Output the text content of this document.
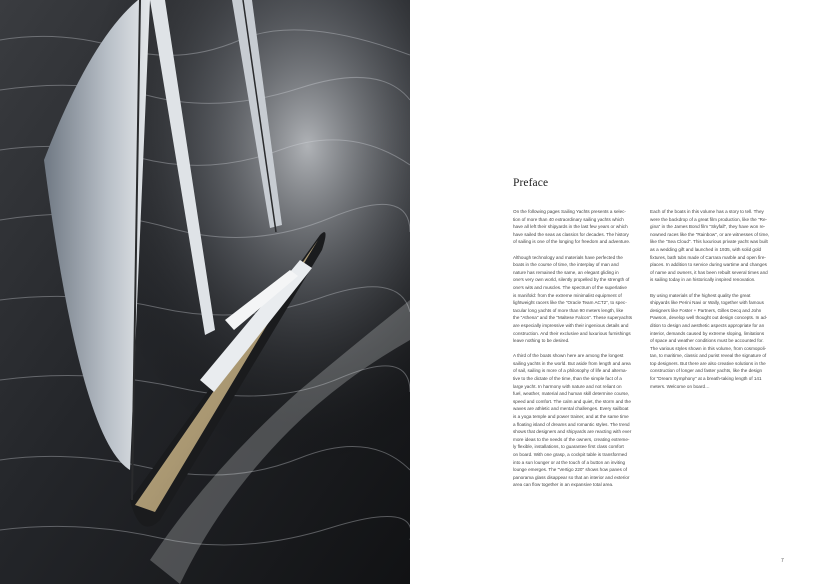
Preface
On the following pages Sailing Yachts presents a selec-
tion of more than 40 extraordinary sailing yachts which
have all left their shipyards in the last few years or which
have sailed the seas as classics for decades. The history
of sailing is one of the longing for freedom and adventure.
Although technology and materials have perfected the
boats in the course of time, the interplay of man and
nature has remained the same, an elegant gliding in
one's very own world, silently propelled by the strength of
one's wits and muscles. The spectrum of the superlative
is manifold: from the extreme minimalist equipment of
lightweight racers like the "Oracle Team ACT2", to spec-
tacular long yachts of more than 90 meters length, like
the "Athena" and the "Maltese Falcon". These superyachts
are especially impressive with their ingenious details and
construction. And their exclusive and luxurious furnishings
leave nothing to be desired.
A third of the boats shown here are among the longest
sailing yachts in the world. But aside from length and area
of sail, sailing is more of a philosophy of life and alterna-
tive to the dictate of the time, than the simple fact of a
large yacht. In harmony with nature and not reliant on
fuel, weather, material and human skill determine course,
speed and comfort. The calm and quiet, the storm and the
waves are athletic and mental challenges. Every sailboat
is a yoga temple and power trainer, and at the same time
a floating island of dreams and romantic styles. The trend
shows that designers and shipyards are reacting with ever
more ideas to the needs of the owners, creating extreme-
ly flexible, installations, to guarantee first class comfort
on board. With one grasp, a cockpit table is transformed
into a sun lounger or at the touch of a button an inviting
lounge emerges. The "Vertigo 220" shows how panes of
panorama glass disappear so that an interior and exterior
area can flow together in an expansive total area.
Each of the boats in this volume has a story to tell. They
were the backdrop of a great film production, like the "Re-
gina" in the James Bond film "Skyfall", they have won re-
nowned races like the "Rainbow", or are witnesses of time,
like the "Sea Cloud". This luxurious private yacht was built
as a wedding gift and launched in 1935, with solid gold
fixtures, bath tubs made of Carrara marble and open fire-
places. In addition to service during wartime and changes
of name and owners, it has been rebuilt several times and
is sailing today in an historically inspired renovation.
By using materials of the highest quality the great
shipyards like Perini Navi or Wally, together with famous
designers like Foster + Partners, Gilles Decq and John
Pawson, develop well thought out design concepts. In ad-
dition to design and aesthetic aspects appropriate for an
interior, demands caused by extreme sloping, limitations
of space and weather conditions must be accounted for.
The various styles shown in this volume, from cosmopoli-
tan, to maritime, classic and purist reveal the signature of
top designers. But there are also creative solutions in the
construction of longer and faster yachts, like the design
for "Dream Symphony" at a breath-taking length of 141
meters. Welcome on board…
7
